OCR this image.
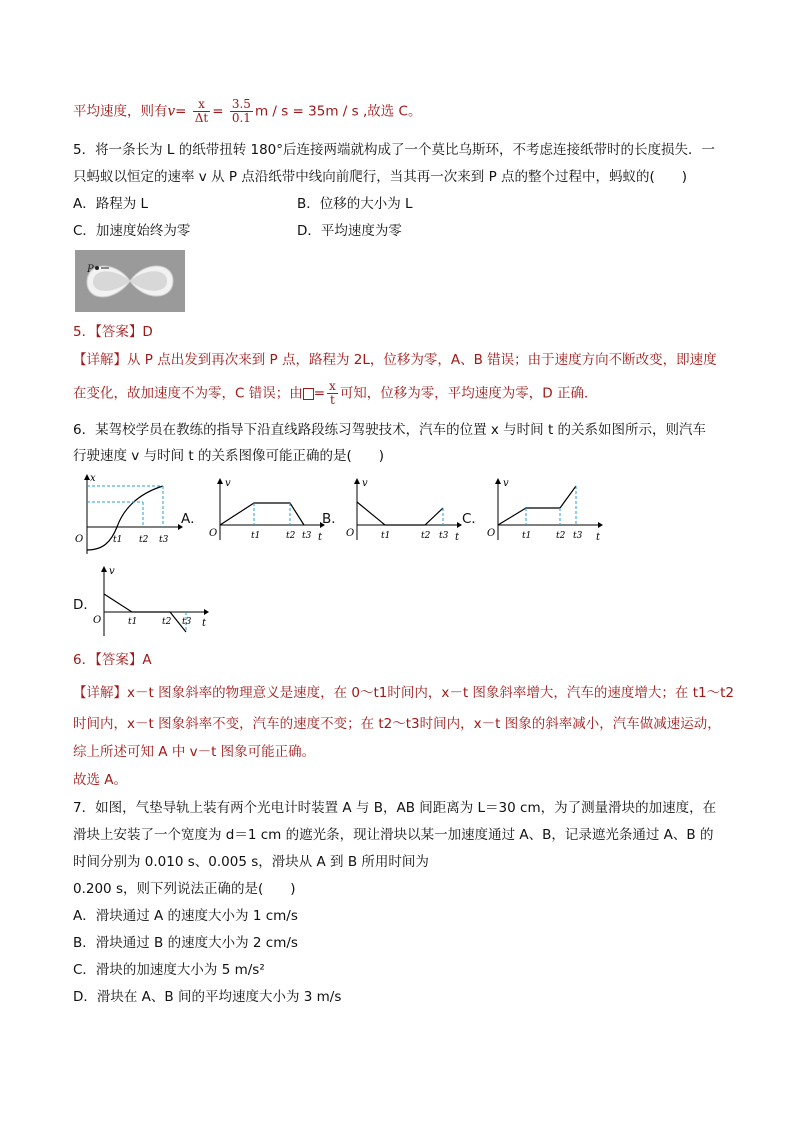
平均速度，则有$v= \frac{x}{\Delta t} = \frac{3.5}{0.1}$ m / s = 35m / s ,故选 C。
5．将一条长为 L 的纸带扭转 180°后连接两端就构成了一个莫比乌斯环，不考虑连接纸带时的长度损失．一
只蚂蚁以恒定的速率 v 从 P 点沿纸带中线向前爬行，当其再一次来到 P 点的整个过程中，蚂蚁的(　　)
A．路程为 L	B．位移的大小为 L
C．加速度始终为零	D．平均速度为零
P
5．【答案】D
【详解】从 P 点出发到再次来到 P 点，路程为 2L，位移为零，A、B 错误；由于速度方向不断改变，即速度
在变化，故加速度不为零，C 错误；由 = $\frac{x}{t}$ 可知，位移为零，平均速度为零，D 正确．
6．某驾校学员在教练的指导下沿直线路段练习驾驶技术，汽车的位置 x 与时间 t 的关系如图所示，则汽车
行驶速度 v 与时间 t 的关系图像可能正确的是(　　)
x
O	t1 t2 t3
A．
v
t
O	t1	t2 t3
B．
v
t
O	t1	t2 t3
C．
v
t
O	t1	t2 t3
D．
v
t
O	t1	t2 t3
6．【答案】A
【详解】x－t 图象斜率的物理意义是速度，在 0～t1时间内，x－t 图象斜率增大，汽车的速度增大；在 t1～t2
时间内，x－t 图象斜率不变，汽车的速度不变；在 t2～t3时间内，x－t 图象的斜率减小，汽车做减速运动，
综上所述可知 A 中 v－t 图象可能正确。
故选 A。
7．如图，气垫导轨上装有两个光电计时装置 A 与 B，AB 间距离为 L＝30 cm，为了测量滑块的加速度，在
滑块上安装了一个宽度为 d＝1 cm 的遮光条，现让滑块以某一加速度通过 A、B，记录遮光条通过 A、B 的
时间分别为 0.010 s、0.005 s，滑块从 A 到 B 所用时间为
0.200 s，则下列说法正确的是(　　)
A．滑块通过 A 的速度大小为 1 cm/s
B．滑块通过 B 的速度大小为 2 cm/s
C．滑块的加速度大小为 5 m/s²
D．滑块在 A、B 间的平均速度大小为 3 m/s
